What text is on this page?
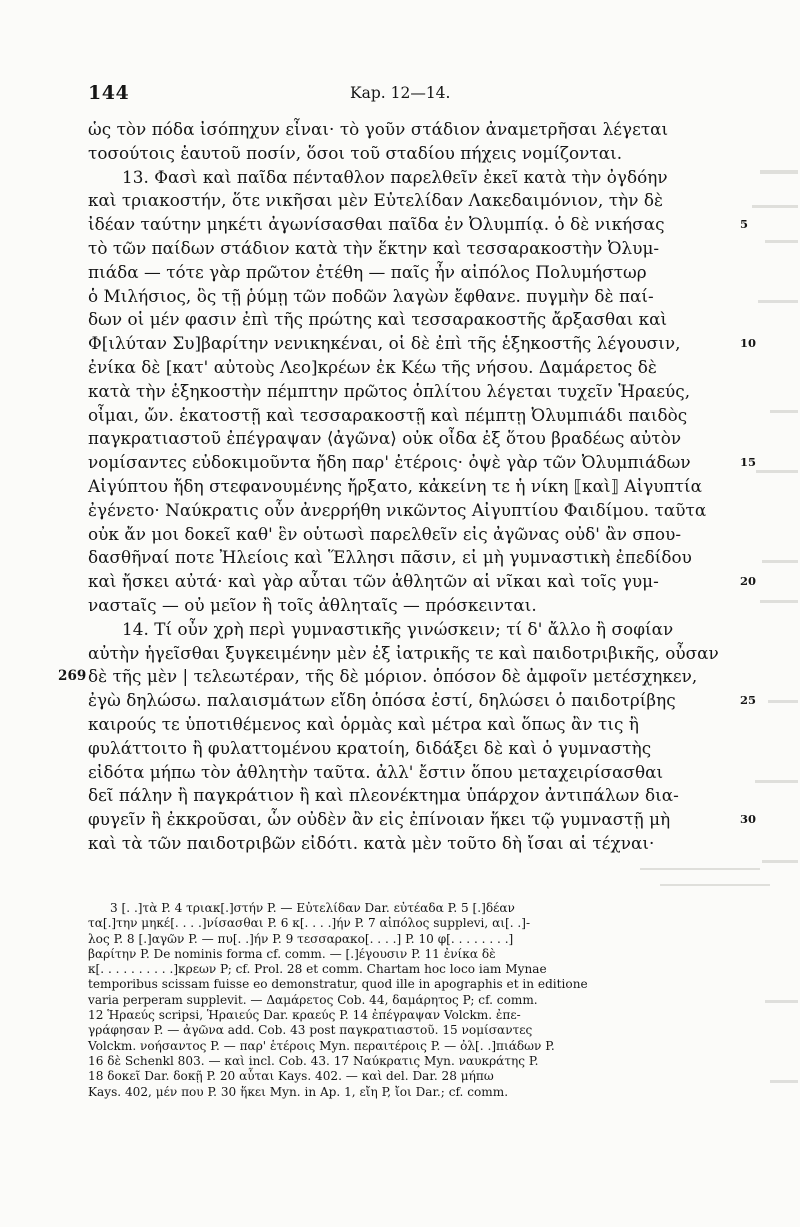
144	Kap. 12—14.
ὡς τὸν πόδα ἰσόπηχυν εἶναι· τὸ γοῦν στάδιον ἀναμετρῆσαι λέγεται
τοσούτοις ἑαυτοῦ ποσίν, ὅσοι τοῦ σταδίου πήχεις νομίζονται.
13. Φασὶ καὶ παῖδα πένταθλον παρελθεῖν ἐκεῖ κατὰ τὴν ὀγδόην
καὶ τριακοστήν, ὅτε νικῆσαι μὲν Εὐτελίδαν Λακεδαιμόνιον, τὴν δὲ
ἰδέαν ταύτην μηκέτι ἀγωνίσασθαι παῖδα ἐν Ὀλυμπίᾳ. ὁ δὲ νικήσας	5
τὸ τῶν παίδων στάδιον κατὰ τὴν ἕκτην καὶ τεσσαρακοστὴν Ὀλυμ-
πιάδα — τότε γὰρ πρῶτον ἐτέθη — παῖς ἦν αἰπόλος Πολυμήστωρ
ὁ Μιλήσιος, ὃς τῇ ῥύμῃ τῶν ποδῶν λαγὼν ἔφθανε. πυγμὴν δὲ παί-
δων οἱ μέν φασιν ἐπὶ τῆς πρώτης καὶ τεσσαρακοστῆς ἄρξασθαι καὶ
Φ[ιλύταν Συ]βαρίτην νενικηκέναι, οἱ δὲ ἐπὶ τῆς ἑξηκοστῆς λέγουσιν,	10
ἐνίκα δὲ [κατ' αὐτοὺς Λεο]κρέων ἐκ Κέω τῆς νήσου. Δαμάρετος δὲ
κατὰ τὴν ἑξηκοστὴν πέμπτην πρῶτος ὁπλίτου λέγεται τυχεῖν Ἡραεύς,
οἶμαι, ὤν. ἑκατοστῇ καὶ τεσσαρακοστῇ καὶ πέμπτῃ Ὀλυμπιάδι παιδὸς
παγκρατιαστοῦ ἐπέγραψαν ⟨ἀγῶνα⟩ οὐκ οἶδα ἐξ ὅτου βραδέως αὐτὸν
νομίσαντες εὐδοκιμοῦντα ἤδη παρ' ἑτέροις· ὀψὲ γὰρ τῶν Ὀλυμπιάδων	15
Αἰγύπτου ἤδη στεφανουμένης ἤρξατο, κἀκείνη τε ἡ νίκη ⟦καὶ⟧ Αἰγυπτία
ἐγένετο· Ναύκρατις οὖν ἀνερρήθη νικῶντος Αἰγυπτίου Φαιδίμου. ταῦτα
οὐκ ἄν μοι δοκεῖ καθ' ἓν οὑτωσὶ παρελθεῖν εἰς ἀγῶνας οὐδ' ἂν σπου-
δασθῆναί ποτε Ἠλείοις καὶ Ἕλλησι πᾶσιν, εἰ μὴ γυμναστικὴ ἐπεδίδου
καὶ ἤσκει αὐτά· καὶ γὰρ αὗται τῶν ἀθλητῶν αἱ νῖκαι καὶ τοῖς γυμ-	20
ναστaῖς — οὐ μεῖον ἢ τοῖς ἀθληταῖς — πρόσκεινται.
14. Τί οὖν χρὴ περὶ γυμναστικῆς γινώσκειν; τί δ' ἄλλο ἢ σοφίαν
αὐτὴν ἡγεῖσθαι ξυγκειμένην μὲν ἐξ ἰατρικῆς τε καὶ παιδοτριβικῆς, οὖσαν
δὲ τῆς μὲν | τελεωτέραν, τῆς δὲ μόριον. ὁπόσον δὲ ἀμφοῖν μετέσχηκεν,
269
ἐγὼ δηλώσω. παλαισμάτων εἴδη ὁπόσα ἐστί, δηλώσει ὁ παιδοτρίβης	25
καιρούς τε ὑποτιθέμενος καὶ ὁρμὰς καὶ μέτρα καὶ ὅπως ἂν τις ἢ
φυλάττοιτο ἢ φυλαττομένου κρατοίη, διδάξει δὲ καὶ ὁ γυμναστὴς
εἰδότα μήπω τὸν ἀθλητὴν ταῦτα. ἀλλ' ἔστιν ὅπου μεταχειρίσασθαι
δεῖ πάλην ἢ παγκράτιον ἢ καὶ πλεονέκτημα ὑπάρχον ἀντιπάλων δια-
φυγεῖν ἢ ἐκκροῦσαι, ὧν οὐδὲν ἂν εἰς ἐπίνοιαν ἥκει τῷ γυμναστῇ μὴ	30
καὶ τὰ τῶν παιδοτριβῶν εἰδότι. κατὰ μὲν τοῦτο δὴ ἴσαι αἱ τέχναι·
3 [. .]τὰ P. 4 τριακ[.]στήν P. — Εὐτελίδαν Dar. εὐτέαδα P. 5 [.]δέαν
τα[.]την μηκέ[. . . .]νίσασθαι P. 6 κ[. . . .]ήν P. 7 αἰπόλος supplevi, αι[. .]-
λος P. 8 [.]αγῶν P. — πυ[. .]ήν P. 9 τεσσαρακο[. . . .] P. 10 φ[. . . . . . . .]
βαρίτην P. De nominis forma cf. comm. — [.]έγουσιν P. 11 ἐνίκα δὲ
κ[. . . . . . . . . .]κρεων P; cf. Prol. 28 et comm. Chartam hoc loco iam Mynae
temporibus scissam fuisse eo demonstratur, quod ille in apographis et in editione
varia perperam supplevit. — Δαμάρετος Cob. 44, δαμάρητος P; cf. comm.
12 Ἡραεύς scripsi, Ἡραιεύς Dar. κραεύς P. 14 ἐπέγραψαν Volckm. ἐπε-
γράφησαν P. — ἀγῶνα add. Cob. 43 post παγκρατιαστοῦ. 15 νομίσαντες
Volckm. νοήσαντος P. — παρ' ἑτέροις Myn. περαιτέροις P. — ὀλ[. .]πιάδων P.
16 δὲ Schenkl 803. — καὶ incl. Cob. 43. 17 Ναύκρατις Myn. ναυκράτης P.
18 δοκεῖ Dar. δοκῇ P. 20 αὗται Kays. 402. — καὶ del. Dar. 28 μήπω
Kays. 402, μέν που P. 30 ἥκει Myn. in Ap. 1, εἴη P, ἴοι Dar.; cf. comm.
